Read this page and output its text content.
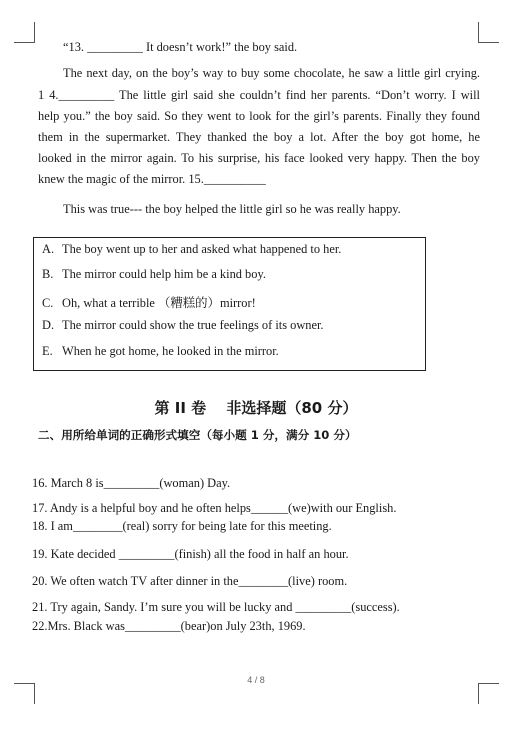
“13. _________ It doesn’t work!” the boy said.
The next day, on the boy’s way to buy some chocolate, he saw a little girl crying.
1 4._________ The little girl said she couldn’t find her parents. “Don’t worry. I will
help you.” the boy said. So they went to look for the girl’s parents. Finally they found
them in the supermarket. They thanked the boy a lot. After the boy got home, he
looked in the mirror again. To his surprise, his face looked very happy. Then the boy
knew the magic of the mirror. 15.__________
This was true--- the boy helped the little girl so he was really happy.
A. The boy went up to her and asked what happened to her.
B. The mirror could help him be a kind boy.
C. Oh, what a terrible （糟糕的）mirror!
D. The mirror could show the true feelings of its owner.
E. When he got home, he looked in the mirror.
第 II 卷　 非选择题（80 分）
二、用所给单词的正确形式填空（每小题 1 分，满分 10 分）
16. March 8 is_________(woman) Day.
17. Andy is a helpful boy and he often helps______(we)with our English.
18. I am________(real) sorry for being late for this meeting.
19. Kate decided _________(finish) all the food in half an hour.
20. We often watch TV after dinner in the________(live) room.
21. Try again, Sandy. I’m sure you will be lucky and _________(success).
22.Mrs. Black was_________(bear)on July 23th, 1969.
4 / 8
